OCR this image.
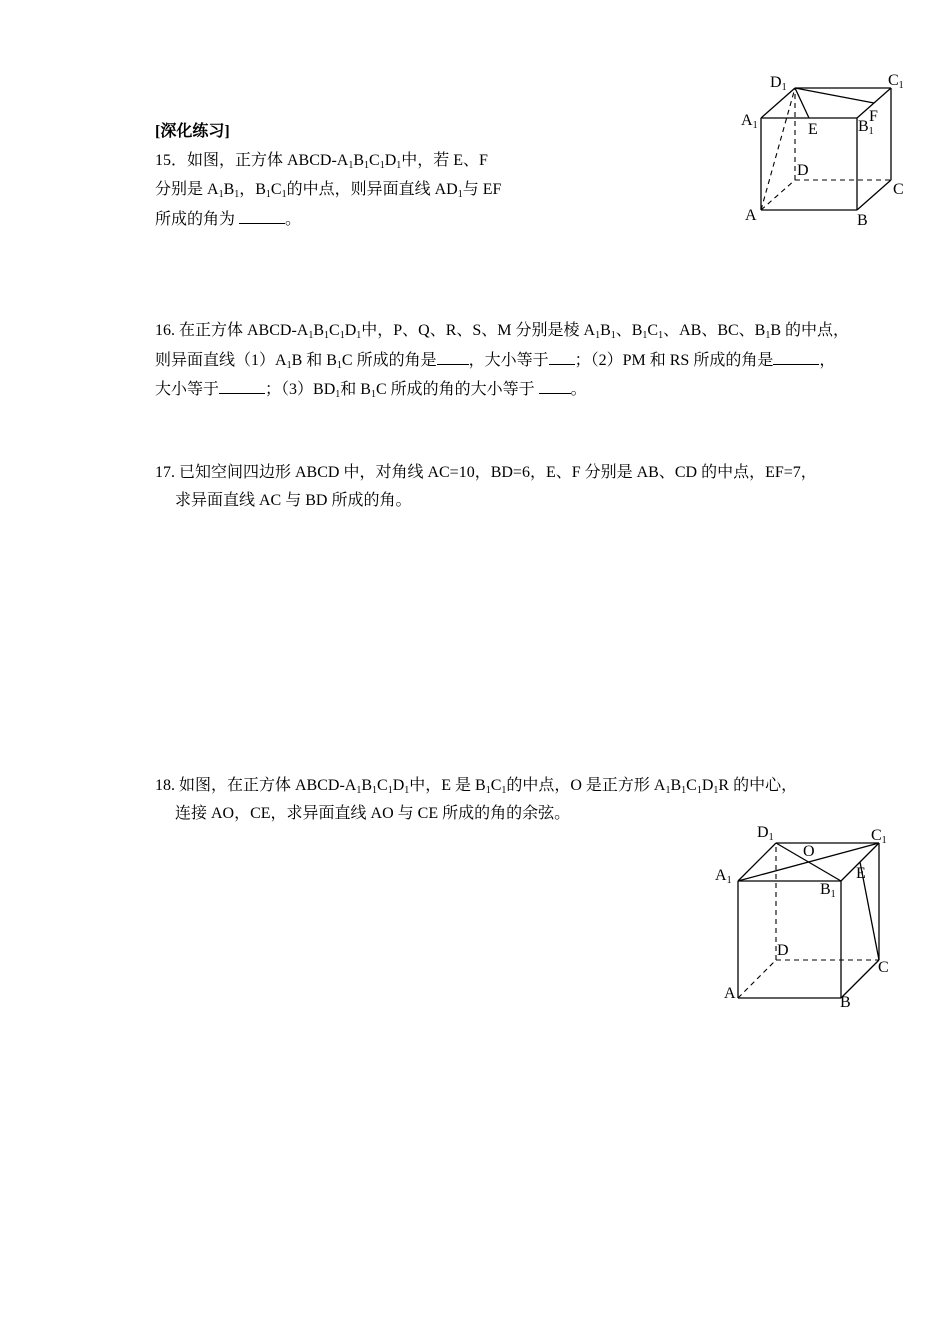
[深化练习]
15．如图，正方体 ABCD-$A_1B_1C_1D_1$中，若 E、F
分别是 $A_1B_1$，$B_1C_1$的中点，则异面直线 $AD_1$与 EF
所成的角为	。
D1	C1
A1	E
F
B1
D
C
A	B
16. 在正方体 ABCD-$A_1B_1C_1D_1$中，P、Q、R、S、M 分别是棱 $A_1B_1$、$B_1C_1$、AB、BC、$B_1B$ 的中点，
则异面直线$(1)A_1B$ 和 $B_1C$ 所成的角是 ，大小等于 ；（2）PM 和 RS 所成的角是	，
大小等于	；$(3)BD_1$和 $B_1C$ 所成的角的大小等于 。
17. 已知空间四边形 ABCD 中，对角线 AC=10，BD=6，E、F 分别是 AB、CD 的中点，EF=7，
求异面直线 AC 与 BD 所成的角。
18. 如图，在正方体 ABCD-$A_1B_1C_1D_1$中，E 是 $B_1C_1$的中点，O 是正方形 $A_1B_1C_1D_1R$ 的中心，
连接 AO，CE，求异面直线 AO 与 CE 所成的角的余弦。
D1	C1
O
A1	E
B1
D
C
A
B
